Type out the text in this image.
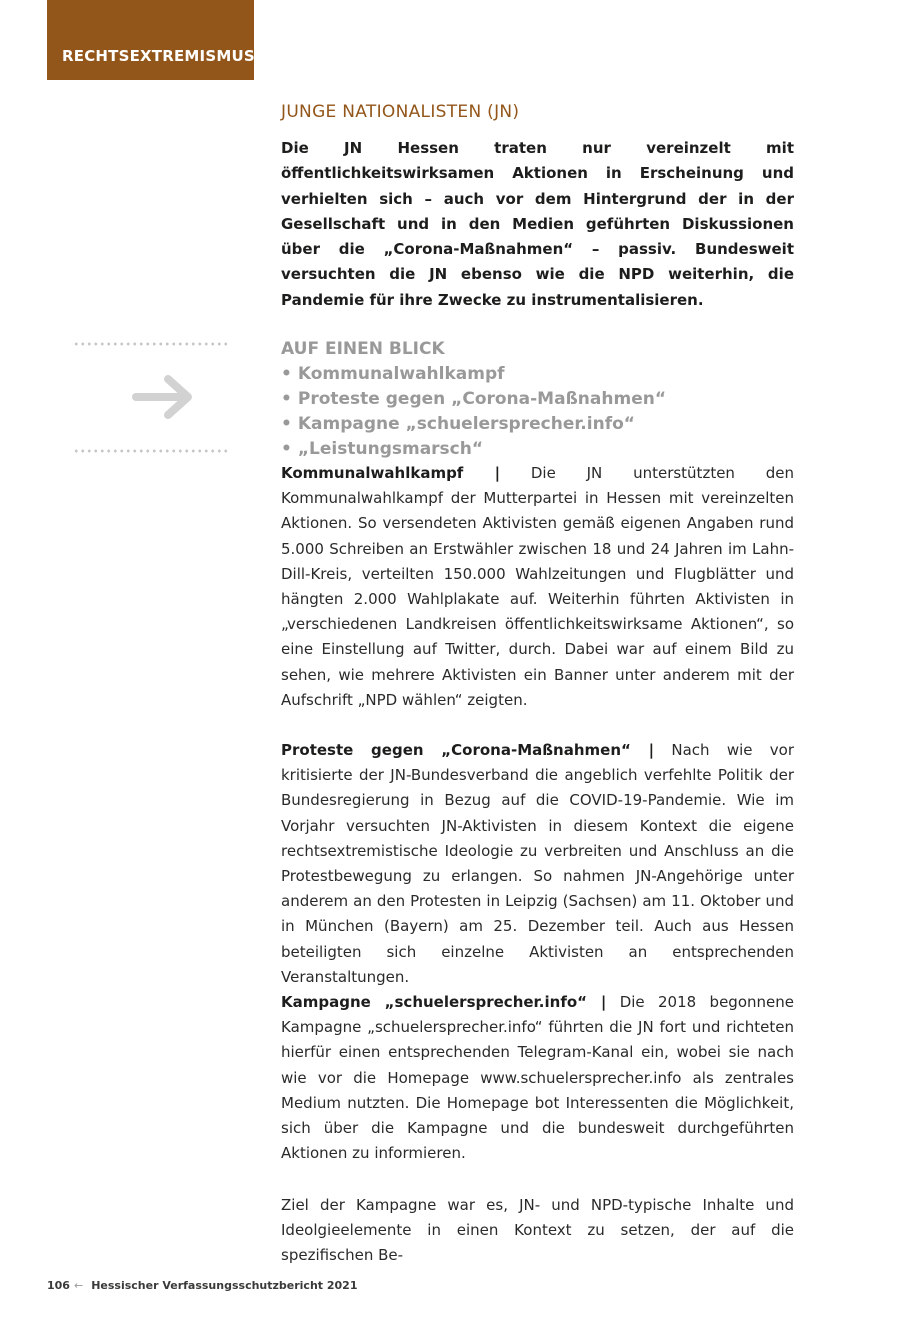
RECHTSEXTREMISMUS
JUNGE NATIONALISTEN (JN)

Die JN Hessen traten nur vereinzelt mit öffentlichkeitswirksamen Aktionen in Erscheinung und verhielten sich – auch vor dem Hintergrund der in der Gesellschaft und in den Medien geführten Diskussionen über die „Corona-Maßnahmen“ – passiv. Bundesweit versuchten die JN ebenso wie die NPD weiterhin, die Pandemie für ihre Zwecke zu instrumentalisieren.

AUF EINEN BLICK
• Kommunalwahlkampf
• Proteste gegen „Corona-Maßnahmen“
• Kampagne „schuelersprecher.info“
• „Leistungsmarsch“

Kommunalwahlkampf | Die JN unterstützten den Kommunalwahlkampf der Mutterpartei in Hessen mit vereinzelten Aktionen. So versendeten Aktivisten gemäß eigenen Angaben rund 5.000 Schreiben an Erstwähler zwischen 18 und 24 Jahren im Lahn-Dill-Kreis, verteilten 150.000 Wahlzeitungen und Flugblätter und hängten 2.000 Wahlplakate auf. Weiterhin führten Aktivisten in „verschiedenen Landkreisen öffentlichkeitswirksame Aktionen“, so eine Einstellung auf Twitter, durch. Dabei war auf einem Bild zu sehen, wie mehrere Aktivisten ein Banner unter anderem mit der Aufschrift „NPD wählen“ zeigten.

Proteste gegen „Corona-Maßnahmen“ | Nach wie vor kritisierte der JN-Bundesverband die angeblich verfehlte Politik der Bundesregierung in Bezug auf die COVID-19-Pandemie. Wie im Vorjahr versuchten JN-Aktivisten in diesem Kontext die eigene rechtsextremistische Ideologie zu verbreiten und Anschluss an die Protestbewegung zu erlangen. So nahmen JN-Angehörige unter anderem an den Protesten in Leipzig (Sachsen) am 11. Oktober und in München (Bayern) am 25. Dezember teil. Auch aus Hessen beteiligten sich einzelne Aktivisten an entsprechenden Veranstaltungen.

Kampagne „schuelersprecher.info“ | Die 2018 begonnene Kampagne „schuelersprecher.info“ führten die JN fort und richteten hierfür einen entsprechenden Telegram-Kanal ein, wobei sie nach wie vor die Homepage www.schuelersprecher.info als zentrales Medium nutzten. Die Homepage bot Interessenten die Möglichkeit, sich über die Kampagne und die bundesweit durchgeführten Aktionen zu informieren.

Ziel der Kampagne war es, JN- und NPD-typische Inhalte und Ideolgieelemente in einen Kontext zu setzen, der auf die spezifischen Be-

106 ← Hessischer Verfassungsschutzbericht 2021
